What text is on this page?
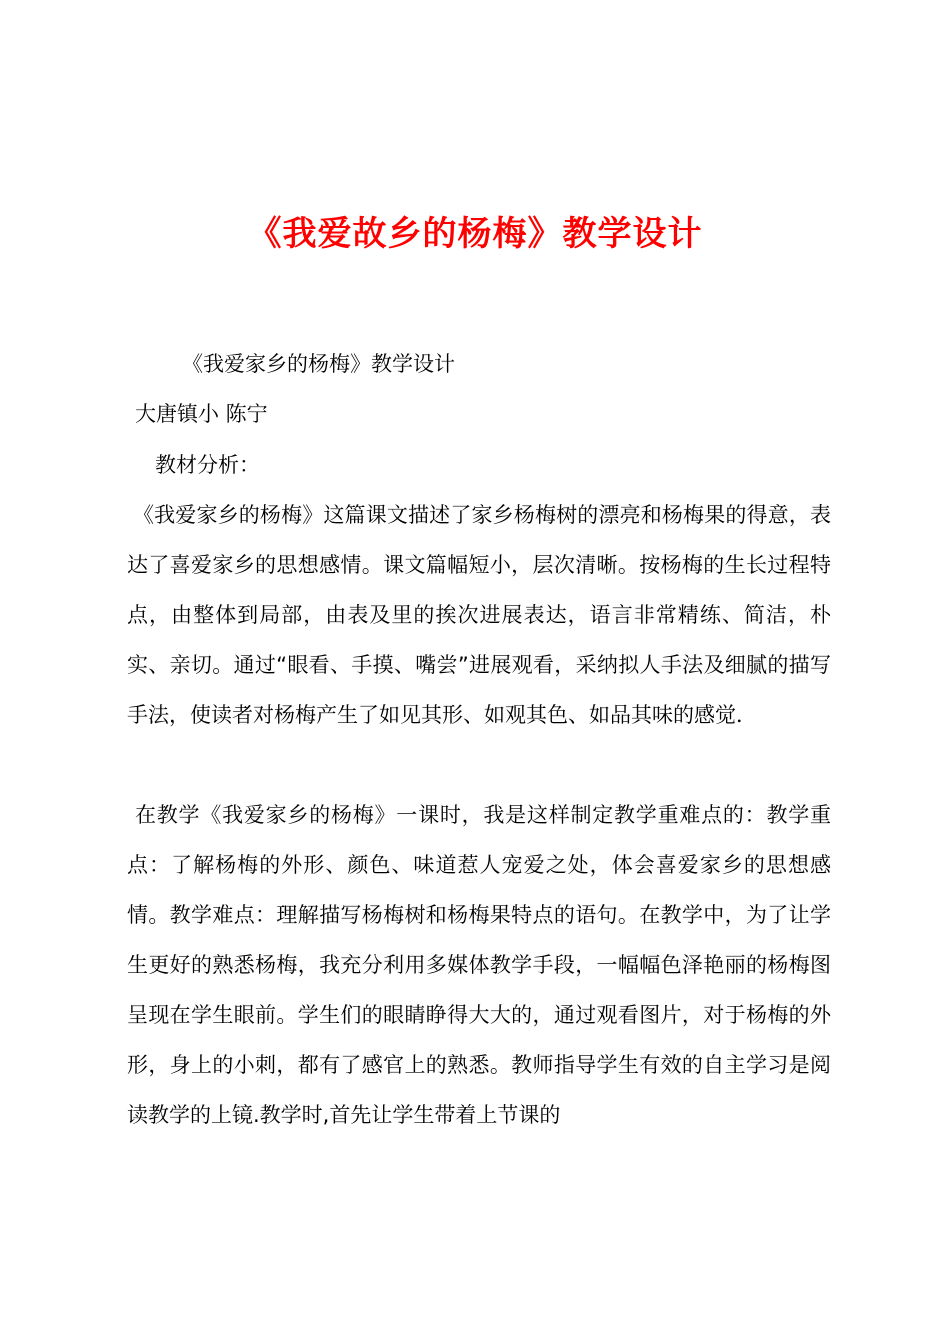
《我爱故乡的杨梅》教学设计

《我爱家乡的杨梅》教学设计

大唐镇小 陈宁

教材分析：

《我爱家乡的杨梅》这篇课文描述了家乡杨梅树的漂亮和杨梅果的得意，表达了喜爱家乡的思想感情。课文篇幅短小，层次清晰。按杨梅的生长过程特点，由整体到局部，由表及里的挨次进展表达，语言非常精练、简洁，朴实、亲切。通过“眼看、手摸、嘴尝”进展观看，采纳拟人手法及细腻的描写手法，使读者对杨梅产生了如见其形、如观其色、如品其味的感觉．

在教学《我爱家乡的杨梅》一课时，我是这样制定教学重难点的：教学重点：了解杨梅的外形、颜色、味道惹人宠爱之处，体会喜爱家乡的思想感情。教学难点：理解描写杨梅树和杨梅果特点的语句。在教学中，为了让学生更好的熟悉杨梅，我充分利用多媒体教学手段，一幅幅色泽艳丽的杨梅图呈现在学生眼前。学生们的眼睛睁得大大的，通过观看图片，对于杨梅的外形，身上的小刺，都有了感官上的熟悉。教师指导学生有效的自主学习是阅读教学的上镜.教学时,首先让学生带着上节课的
